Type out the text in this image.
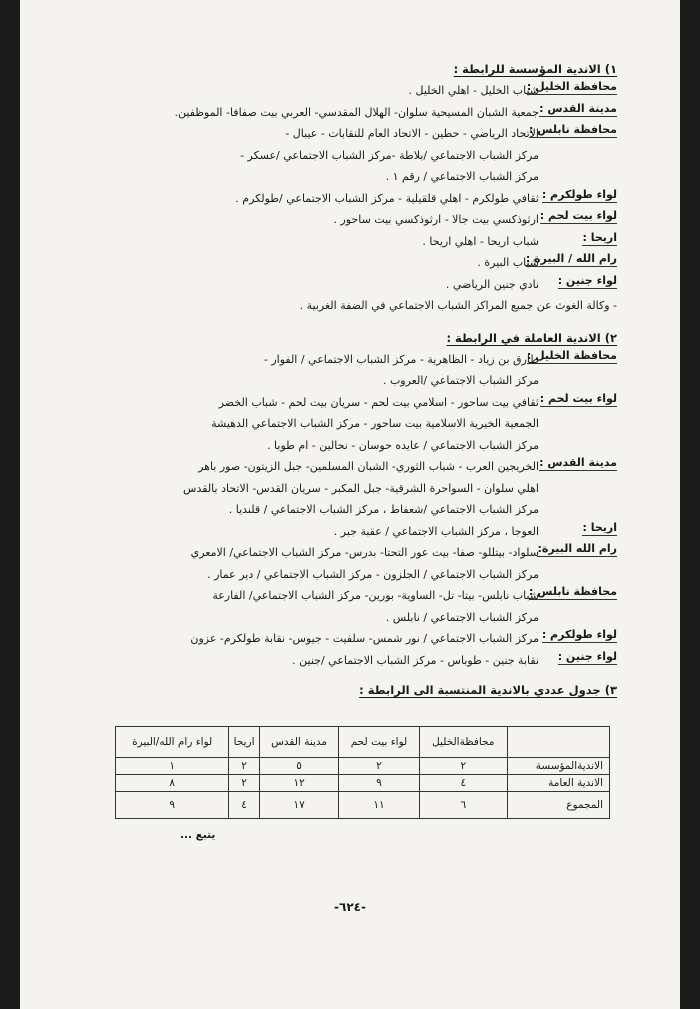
١) الاندية المؤسسة للرابطة :
محافظة الخليل :
شباب الخليل - اهلي الخليل .
مدينة القدس :
جمعية الشبان المسيحية سلوان- الهلال المقدسي- العربي بيت صفافا- الموظفين.
محافظة نابلس :
الاتحاد الرياضي - حطين - الاتحاد العام للنقابات - عيبال -
مركز الشباب الاجتماعي /بلاطة -مركز الشباب الاجتماعي /عسكر -
مركز الشباب الاجتماعي / رقم ١ .
لواء طولكرم :
ثقافي طولكرم - اهلي قلقيلية - مركز الشباب الاجتماعي /طولكرم .
لواء بيت لحم :
ارثوذكسي بيت جالا - ارثوذكسي بيت ساحور .
اريحا :
شباب اريحا - اهلي اريحا .
رام الله / البيرة :
شباب البيرة .
لواء جنين :
نادي جنين الرياضي .
- وكالة الغوث عن جميع المراكز الشباب الاجتماعي في الضفة الغربية .
٢) الاندية العاملة في الرابطة :
محافظة الخليل :
طارق بن زياد - الظاهرية - مركز الشباب الاجتماعي / الفوار -
مركز الشباب الاجتماعي /العروب .
لواء بيت لحم :
ثقافي بيت ساحور - اسلامي بيت لحم - سريان بيت لحم - شباب الخضر
الجمعية الخيرية الاسلامية بيت ساحور - مركز الشباب الاجتماعي الدهيشة
مركز الشباب الاجتماعي / عايده حوسان - نحالين - ام طوبا .
مدينة القدس :
الخريجين العرب - شباب الثوري- الشبان المسلمين- جبل الزيتون- صور باهر
اهلي سلوان - السواحرة الشرقية- جبل المكبر - سريان القدس- الاتحاد بالقدس
مركز الشباب الاجتماعي /شعفاط ، مركز الشباب الاجتماعي / قلنديا .
اريحا :
العوجا ، مركز الشباب الاجتماعي / عقبة جبر .
رام الله البيرة:
سلواد- بيتللو- صفا- بيت عور التحتا- بدرس- مركز الشباب الاجتماعي/ الامعري
مركز الشباب الاجتماعي / الجلزون - مركز الشباب الاجتماعي / دير عمار .
محافظة نابلس :
شباب نابلس- بيتا- تل- الساوية- بورين- مركز الشباب الاجتماعي/ الفارعة
مركز الشباب الاجتماعي / نابلس .
لواء طولكرم :
مركز الشباب الاجتماعي / نور شمس- سلفيت - جيوس- نقابة طولكرم- عزون
لواء جنين :
نقابة جنين - طوباس - مركز الشباب الاجتماعي /جنين .
٣) جدول عددي بالاندية المنتسبة الى الرابطة :
	محافظةالخليل	لواء بيت لحم	مدينة القدس	اريحا	لواء رام الله/البيرة
الانديةالمؤسسة	٢	٢	٥	٢	١
الاندية العامة	٤	٩	١٢	٢	٨
المجموع	٦	١١	١٧	٤	٩
يتبع ...
-٦٢٤-
